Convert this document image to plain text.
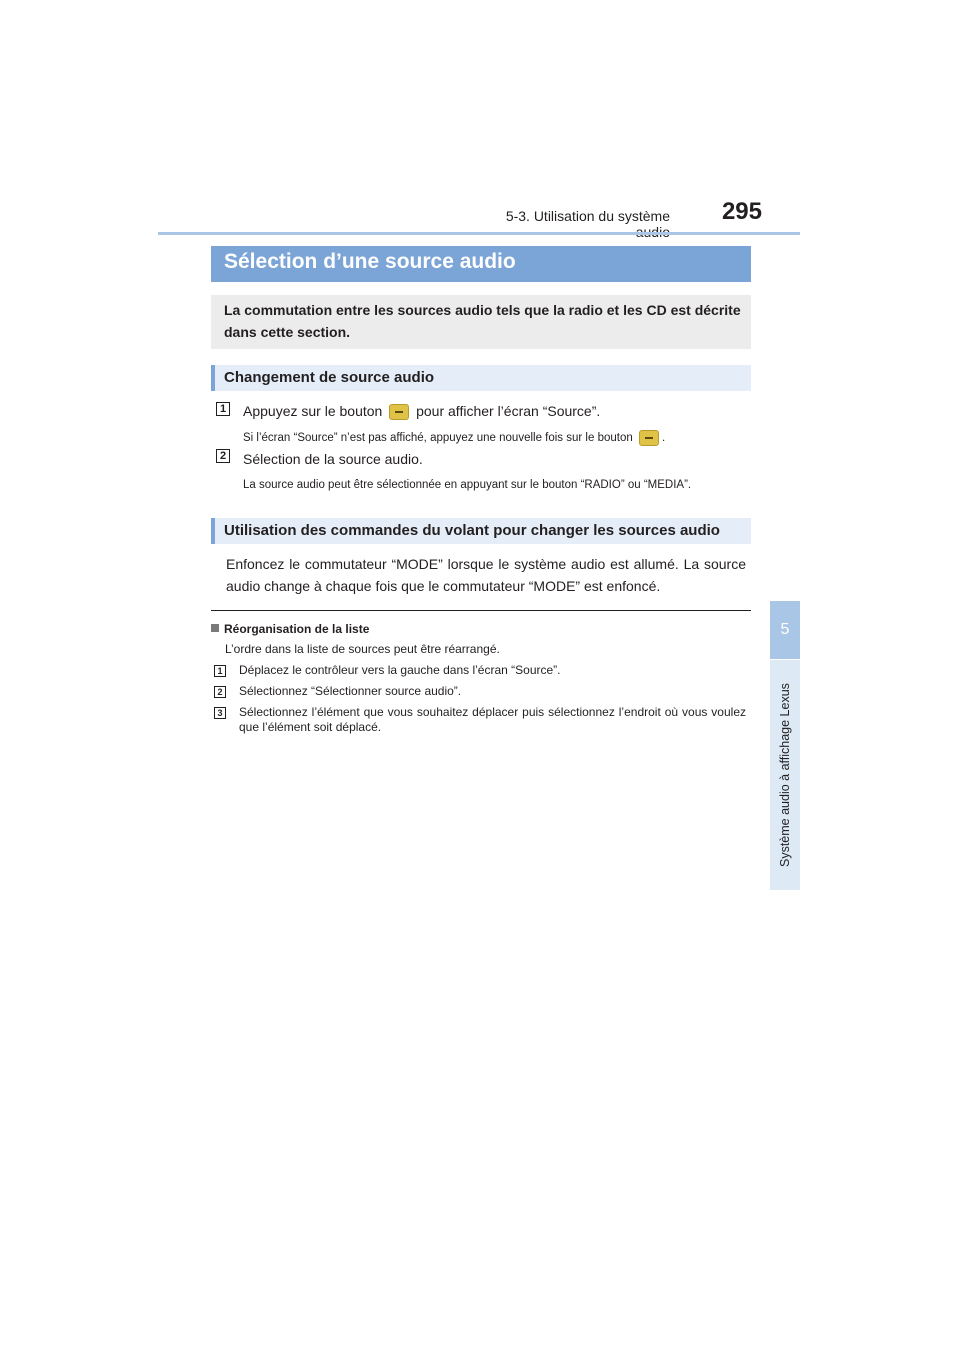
5-3. Utilisation du système	295
5
Système audio à affichage Lexus
Sélection d’une source audio
La commutation entre les sources audio tels que la radio et les CD est décrite dans cette section.
Changement de source audio
1 Appuyez sur le bouton pour afficher l’écran “Source”.
Si l’écran “Source” n’est pas affiché, appuyez une nouvelle fois sur le bouton	.
2 Sélection de la source audio.
La source audio peut être sélectionnée en appuyant sur le bouton “RADIO” ou “MEDIA”.
Utilisation des commandes du volant pour changer les sources audio
Enfoncez le commutateur “MODE” lorsque le système audio est allumé. La source audio change à chaque fois que le commutateur “MODE” est enfoncé.
Réorganisation de la liste
L’ordre dans la liste de sources peut être réarrangé.
1 Déplacez le contrôleur vers la gauche dans l’écran “Source”.
2 Sélectionnez “Sélectionner source audio”.
3 Sélectionnez l’élément que vous souhaitez déplacer puis sélectionnez l’endroit où vous voulez que l’élément soit déplacé.
